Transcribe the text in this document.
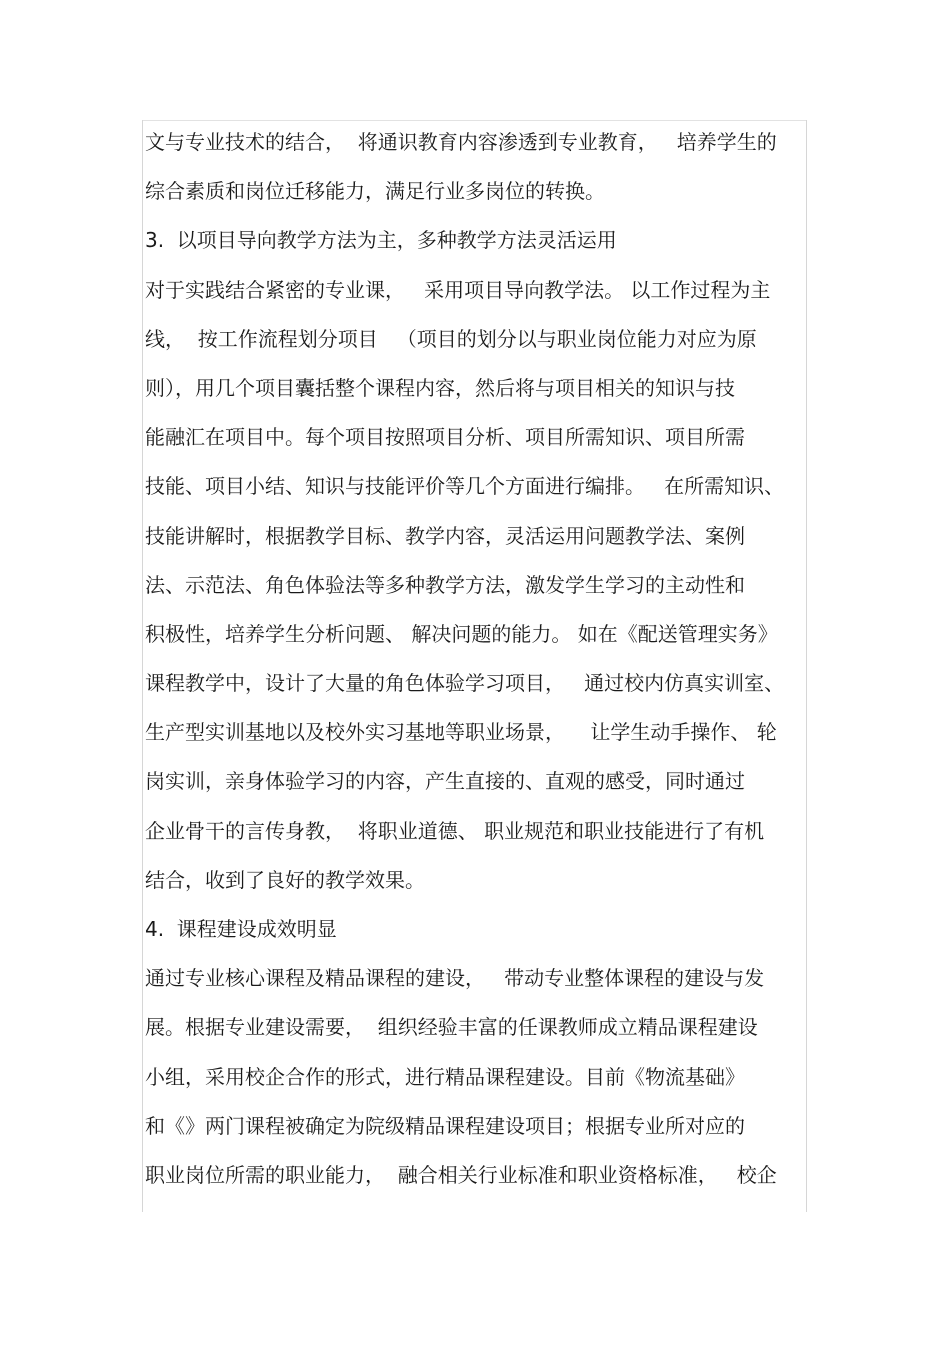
文与专业技术的结合，  将通识教育内容渗透到专业教育，   培养学生的
综合素质和岗位迁移能力，满足行业多岗位的转换。
3.  以项目导向教学方法为主，多种教学方法灵活运用
对于实践结合紧密的专业课，   采用项目导向教学法。 以工作过程为主
线，  按工作流程划分项目   （项目的划分以与职业岗位能力对应为原
则），用几个项目囊括整个课程内容，然后将与项目相关的知识与技
能融汇在项目中。每个项目按照项目分析、项目所需知识、项目所需
技能、项目小结、知识与技能评价等几个方面进行编排。   在所需知识、
技能讲解时，根据教学目标、教学内容，灵活运用问题教学法、案例
法、示范法、角色体验法等多种教学方法，激发学生学习的主动性和
积极性，培养学生分析问题、 解决问题的能力。 如在《配送管理实务》
课程教学中，设计了大量的角色体验学习项目，   通过校内仿真实训室、
生产型实训基地以及校外实习基地等职业场景，    让学生动手操作、 轮
岗实训，亲身体验学习的内容，产生直接的、直观的感受，同时通过
企业骨干的言传身教，  将职业道德、 职业规范和职业技能进行了有机
结合，收到了良好的教学效果。
4.  课程建设成效明显
通过专业核心课程及精品课程的建设，   带动专业整体课程的建设与发
展。根据专业建设需要，  组织经验丰富的任课教师成立精品课程建设
小组，采用校企合作的形式，进行精品课程建设。目前《物流基础》
和《》两门课程被确定为院级精品课程建设项目；根据专业所对应的
职业岗位所需的职业能力，  融合相关行业标准和职业资格标准，   校企
